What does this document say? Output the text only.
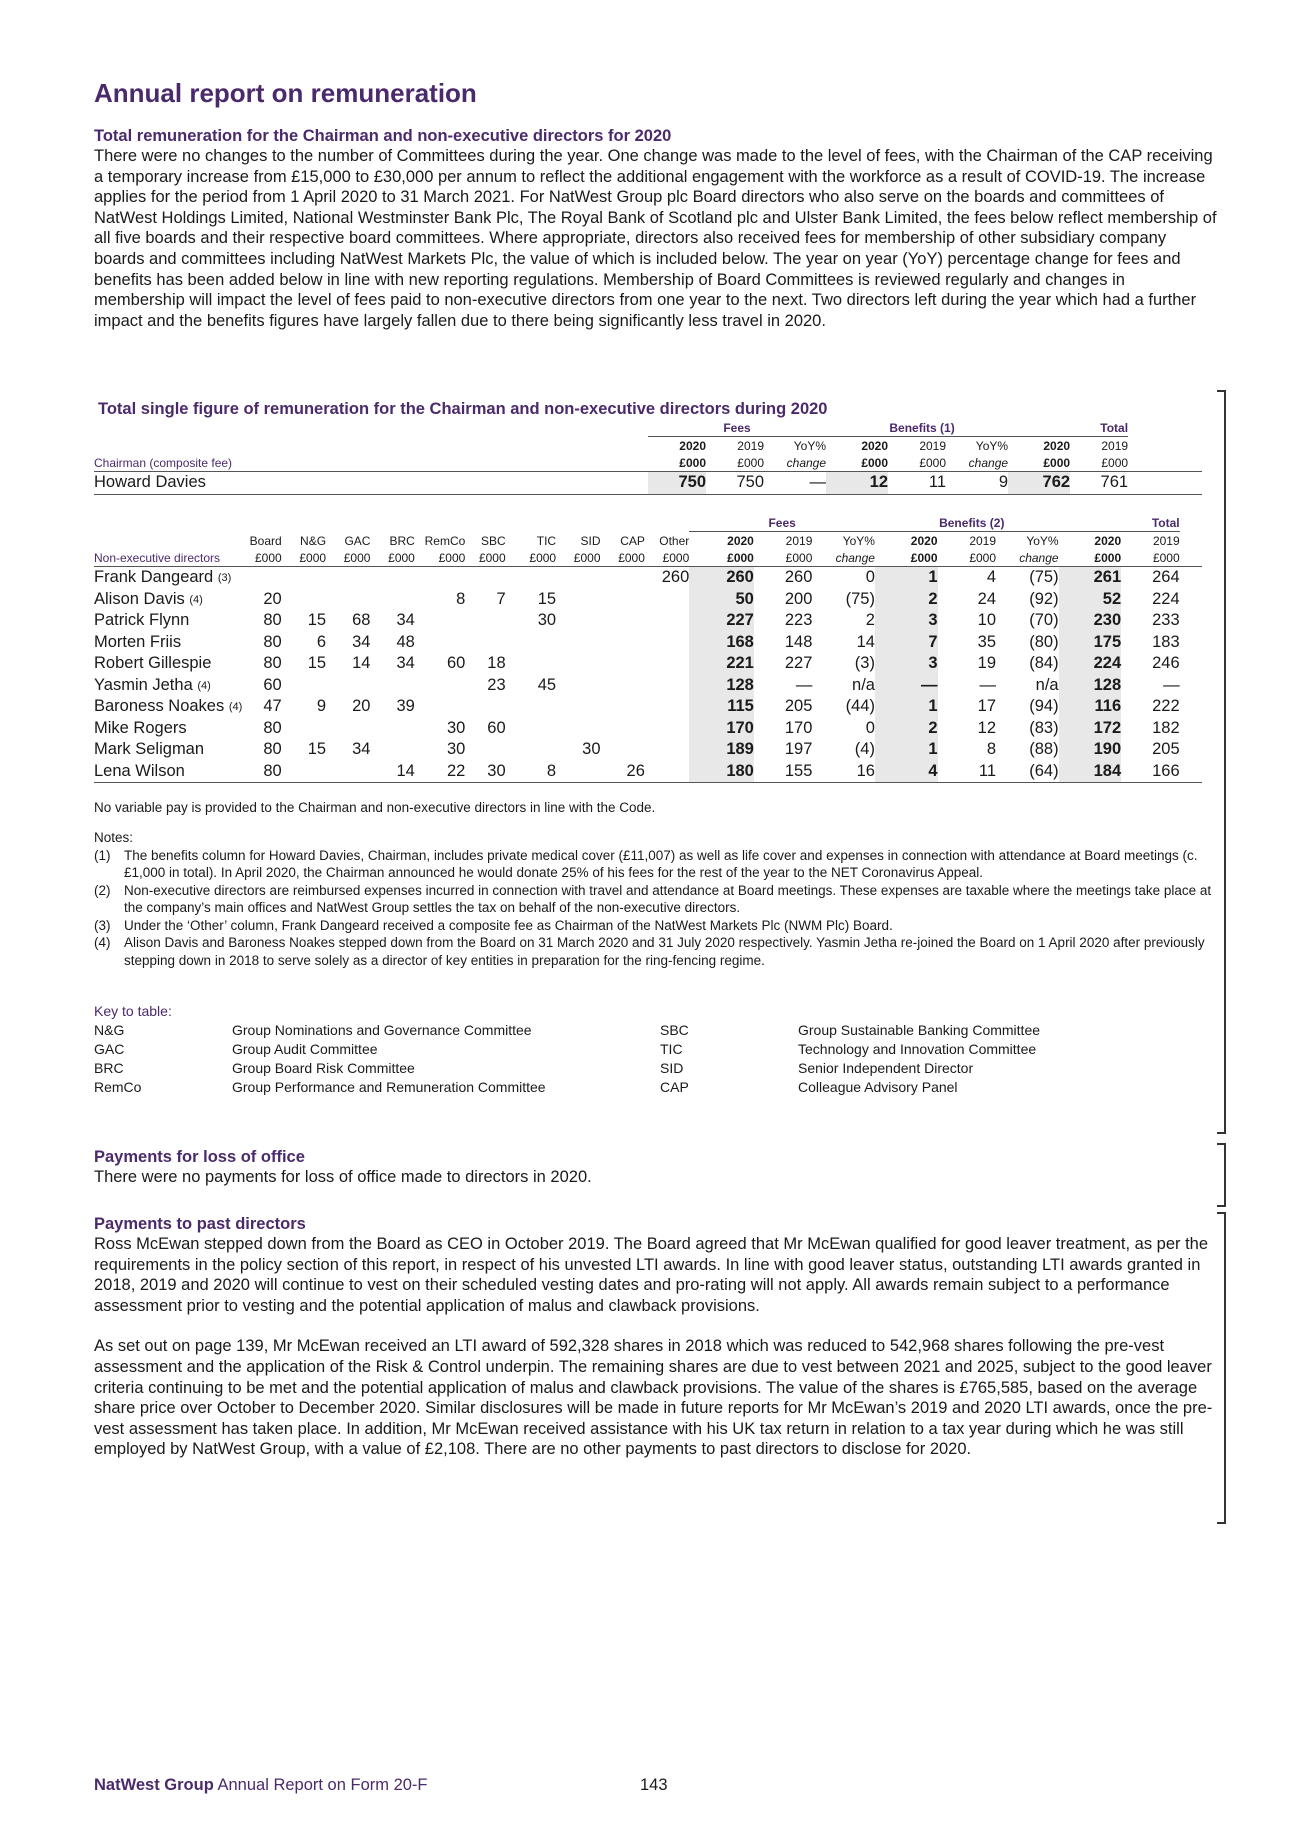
Annual report on remuneration
Total remuneration for the Chairman and non-executive directors for 2020

There were no changes to the number of Committees during the year. One change was made to the level of fees, with the Chairman of the CAP receiving a temporary increase from £15,000 to £30,000 per annum to reflect the additional engagement with the workforce as a result of COVID-19. The increase applies for the period from 1 April 2020 to 31 March 2021. For NatWest Group plc Board directors who also serve on the boards and committees of NatWest Holdings Limited, National Westminster Bank Plc, The Royal Bank of Scotland plc and Ulster Bank Limited, the fees below reflect membership of all five boards and their respective board committees. Where appropriate, directors also received fees for membership of other subsidiary company boards and committees including NatWest Markets Plc, the value of which is included below. The year on year (YoY) percentage change for fees and benefits has been added below in line with new reporting regulations. Membership of Board Committees is reviewed regularly and changes in membership will impact the level of fees paid to non-executive directors from one year to the next. Two directors left during the year which had a further impact and the benefits figures have largely fallen due to there being significantly less travel in 2020.

Total single figure of remuneration for the Chairman and non-executive directors during 2020
	Fees			Benefits (1)			Total		
	2020	2019	YoY%	2020	2019	YoY%	2020	2019	
Chairman (composite fee)	£000	£000	change	£000	£000	change	£000	£000	
Howard Davies	750	750	—	12	11	9	762	761	
											Fees			Benefits (2)			Total		
	Board	N&G	GAC	BRC	RemCo	SBC	TIC	SID	CAP	Other	2020	2019	YoY%	2020	2019	YoY%	2020	2019	
Non-executive directors	£000	£000	£000	£000	£000	£000	£000	£000	£000	£000	£000	£000	change	£000	£000	change	£000	£000	
Frank Dangeard (3)										260	260	260	0	1	4	(75)	261	264	
Alison Davis (4)	20				8	7	15				50	200	(75)	2	24	(92)	52	224	
Patrick Flynn	80	15	68	34			30				227	223	2	3	10	(70)	230	233	
Morten Friis	80	6	34	48							168	148	14	7	35	(80)	175	183	
Robert Gillespie	80	15	14	34	60	18					221	227	(3)	3	19	(84)	224	246	
Yasmin Jetha (4)	60					23	45				128	—	n/a	—	—	n/a	128	—	
Baroness Noakes (4)	47	9	20	39							115	205	(44)	1	17	(94)	116	222	
Mike Rogers	80				30	60					170	170	0	2	12	(83)	172	182	
Mark Seligman	80	15	34		30			30			189	197	(4)	1	8	(88)	190	205	
Lena Wilson	80			14	22	30	8		26		180	155	16	4	11	(64)	184	166	

No variable pay is provided to the Chairman and non-executive directors in line with the Code.

Notes:
(1)	The benefits column for Howard Davies, Chairman, includes private medical cover (£11,007) as well as life cover and expenses in connection with attendance at Board meetings (c.£1,000 in total). In April 2020, the Chairman announced he would donate 25% of his fees for the rest of the year to the NET Coronavirus Appeal.
(2)	Non-executive directors are reimbursed expenses incurred in connection with travel and attendance at Board meetings. These expenses are taxable where the meetings take place at the company’s main offices and NatWest Group settles the tax on behalf of the non-executive directors.
(3)	Under the ‘Other’ column, Frank Dangeard received a composite fee as Chairman of the NatWest Markets Plc (NWM Plc) Board.
(4)	Alison Davis and Baroness Noakes stepped down from the Board on 31 March 2020 and 31 July 2020 respectively. Yasmin Jetha re-joined the Board on 1 April 2020 after previously stepping down in 2018 to serve solely as a director of key entities in preparation for the ring-fencing regime.
Key to table:
N&G	Group Nominations and Governance Committee	SBC	Group Sustainable Banking Committee
GAC	Group Audit Committee	TIC	Technology and Innovation Committee
BRC	Group Board Risk Committee	SID	Senior Independent Director
RemCo	Group Performance and Remuneration Committee	CAP	Colleague Advisory Panel
Payments for loss of office

There were no payments for loss of office made to directors in 2020.

Payments to past directors

Ross McEwan stepped down from the Board as CEO in October 2019. The Board agreed that Mr McEwan qualified for good leaver treatment, as per the requirements in the policy section of this report, in respect of his unvested LTI awards. In line with good leaver status, outstanding LTI awards granted in 2018, 2019 and 2020 will continue to vest on their scheduled vesting dates and pro-rating will not apply. All awards remain subject to a performance assessment prior to vesting and the potential application of malus and clawback provisions.

As set out on page 139, Mr McEwan received an LTI award of 592,328 shares in 2018 which was reduced to 542,968 shares following the pre-vest assessment and the application of the Risk & Control underpin. The remaining shares are due to vest between 2021 and 2025, subject to the good leaver criteria continuing to be met and the potential application of malus and clawback provisions. The value of the shares is £765,585, based on the average share price over October to December 2020. Similar disclosures will be made in future reports for Mr McEwan’s 2019 and 2020 LTI awards, once the pre-vest assessment has taken place. In addition, Mr McEwan received assistance with his UK tax return in relation to a tax year during which he was still employed by NatWest Group, with a value of £2,108. There are no other payments to past directors to disclose for 2020.

NatWest Group Annual Report on Form 20-F	143
